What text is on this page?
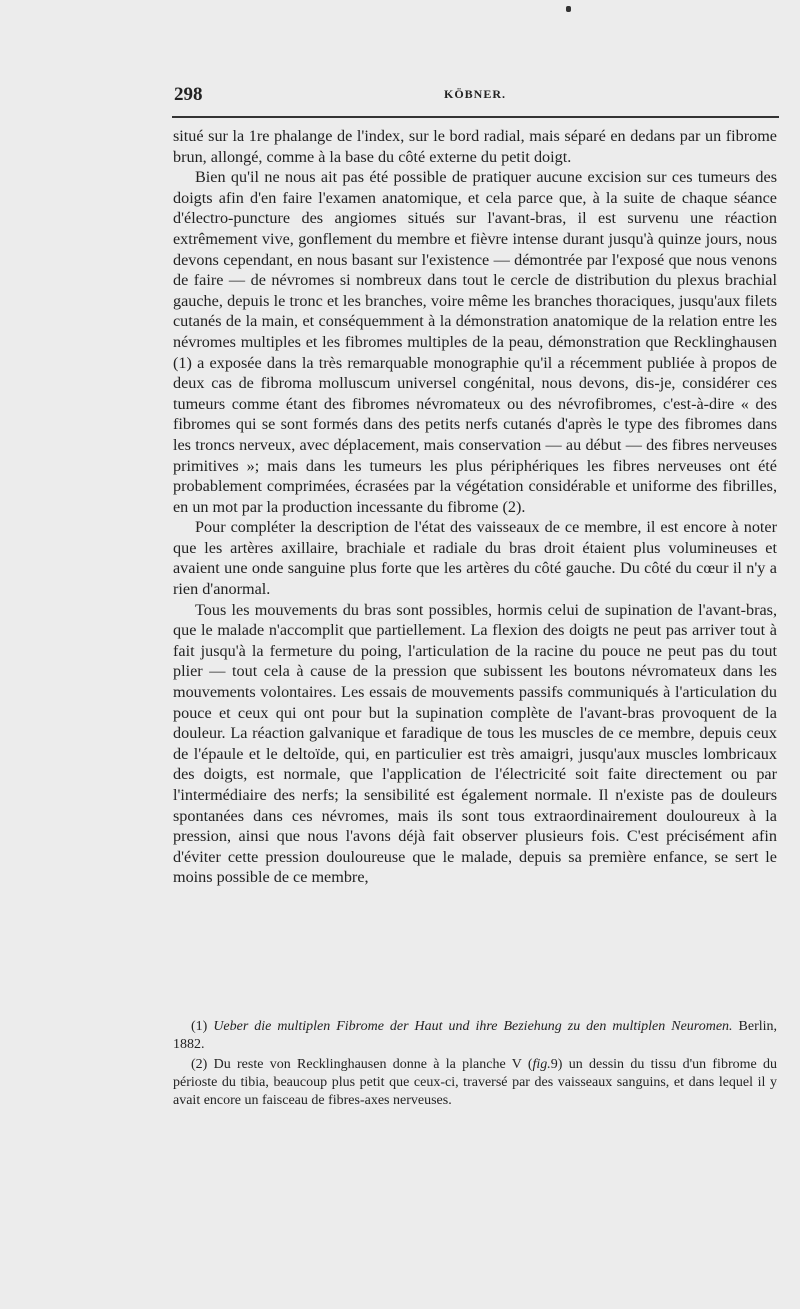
298	KÖBNER.

situé sur la 1re phalange de l'index, sur le bord radial, mais séparé en dedans par un fibrome brun, allongé, comme à la base du côté externe du petit doigt.

Bien qu'il ne nous ait pas été possible de pratiquer aucune excision sur ces tumeurs des doigts afin d'en faire l'examen anatomique, et cela parce que, à la suite de chaque séance d'électro-puncture des angiomes situés sur l'avant-bras, il est survenu une réaction extrêmement vive, gonflement du membre et fièvre intense durant jusqu'à quinze jours, nous devons cependant, en nous basant sur l'existence — démontrée par l'exposé que nous venons de faire — de névromes si nombreux dans tout le cercle de distribution du plexus brachial gauche, depuis le tronc et les branches, voire même les branches thoraciques, jusqu'aux filets cutanés de la main, et conséquemment à la démonstration anatomique de la relation entre les névromes multiples et les fibromes multiples de la peau, démonstration que Recklinghausen (1) a exposée dans la très remarquable monographie qu'il a récemment publiée à propos de deux cas de fibroma molluscum universel congénital, nous devons, dis-je, considérer ces tumeurs comme étant des fibromes névromateux ou des névrofibromes, c'est-à-dire « des fibromes qui se sont formés dans des petits nerfs cutanés d'après le type des fibromes dans les troncs nerveux, avec déplacement, mais conservation — au début — des fibres nerveuses primitives »; mais dans les tumeurs les plus périphériques les fibres nerveuses ont été probablement comprimées, écrasées par la végétation considérable et uniforme des fibrilles, en un mot par la production incessante du fibrome (2).

Pour compléter la description de l'état des vaisseaux de ce membre, il est encore à noter que les artères axillaire, brachiale et radiale du bras droit étaient plus volumineuses et avaient une onde sanguine plus forte que les artères du côté gauche. Du côté du cœur il n'y a rien d'anormal.

Tous les mouvements du bras sont possibles, hormis celui de supination de l'avant-bras, que le malade n'accomplit que partiellement. La flexion des doigts ne peut pas arriver tout à fait jusqu'à la fermeture du poing, l'articulation de la racine du pouce ne peut pas du tout plier — tout cela à cause de la pression que subissent les boutons névromateux dans les mouvements volontaires. Les essais de mouvements passifs communiqués à l'articulation du pouce et ceux qui ont pour but la supination complète de l'avant-bras provoquent de la douleur. La réaction galvanique et faradique de tous les muscles de ce membre, depuis ceux de l'épaule et le deltoïde, qui, en particulier est très amaigri, jusqu'aux muscles lombricaux des doigts, est normale, que l'application de l'électricité soit faite directement ou par l'intermédiaire des nerfs; la sensibilité est également normale. Il n'existe pas de douleurs spontanées dans ces névromes, mais ils sont tous extraordinairement douloureux à la pression, ainsi que nous l'avons déjà fait observer plusieurs fois. C'est précisément afin d'éviter cette pression douloureuse que le malade, depuis sa première enfance, se sert le moins possible de ce membre,

(1) Ueber die multiplen Fibrome der Haut und ihre Beziehung zu den multiplen Neuromen. Berlin, 1882.

(2) Du reste von Recklinghausen donne à la planche V (fig.9) un dessin du tissu d'un fibrome du périoste du tibia, beaucoup plus petit que ceux-ci, traversé par des vaisseaux sanguins, et dans lequel il y avait encore un faisceau de fibres-axes nerveuses.
